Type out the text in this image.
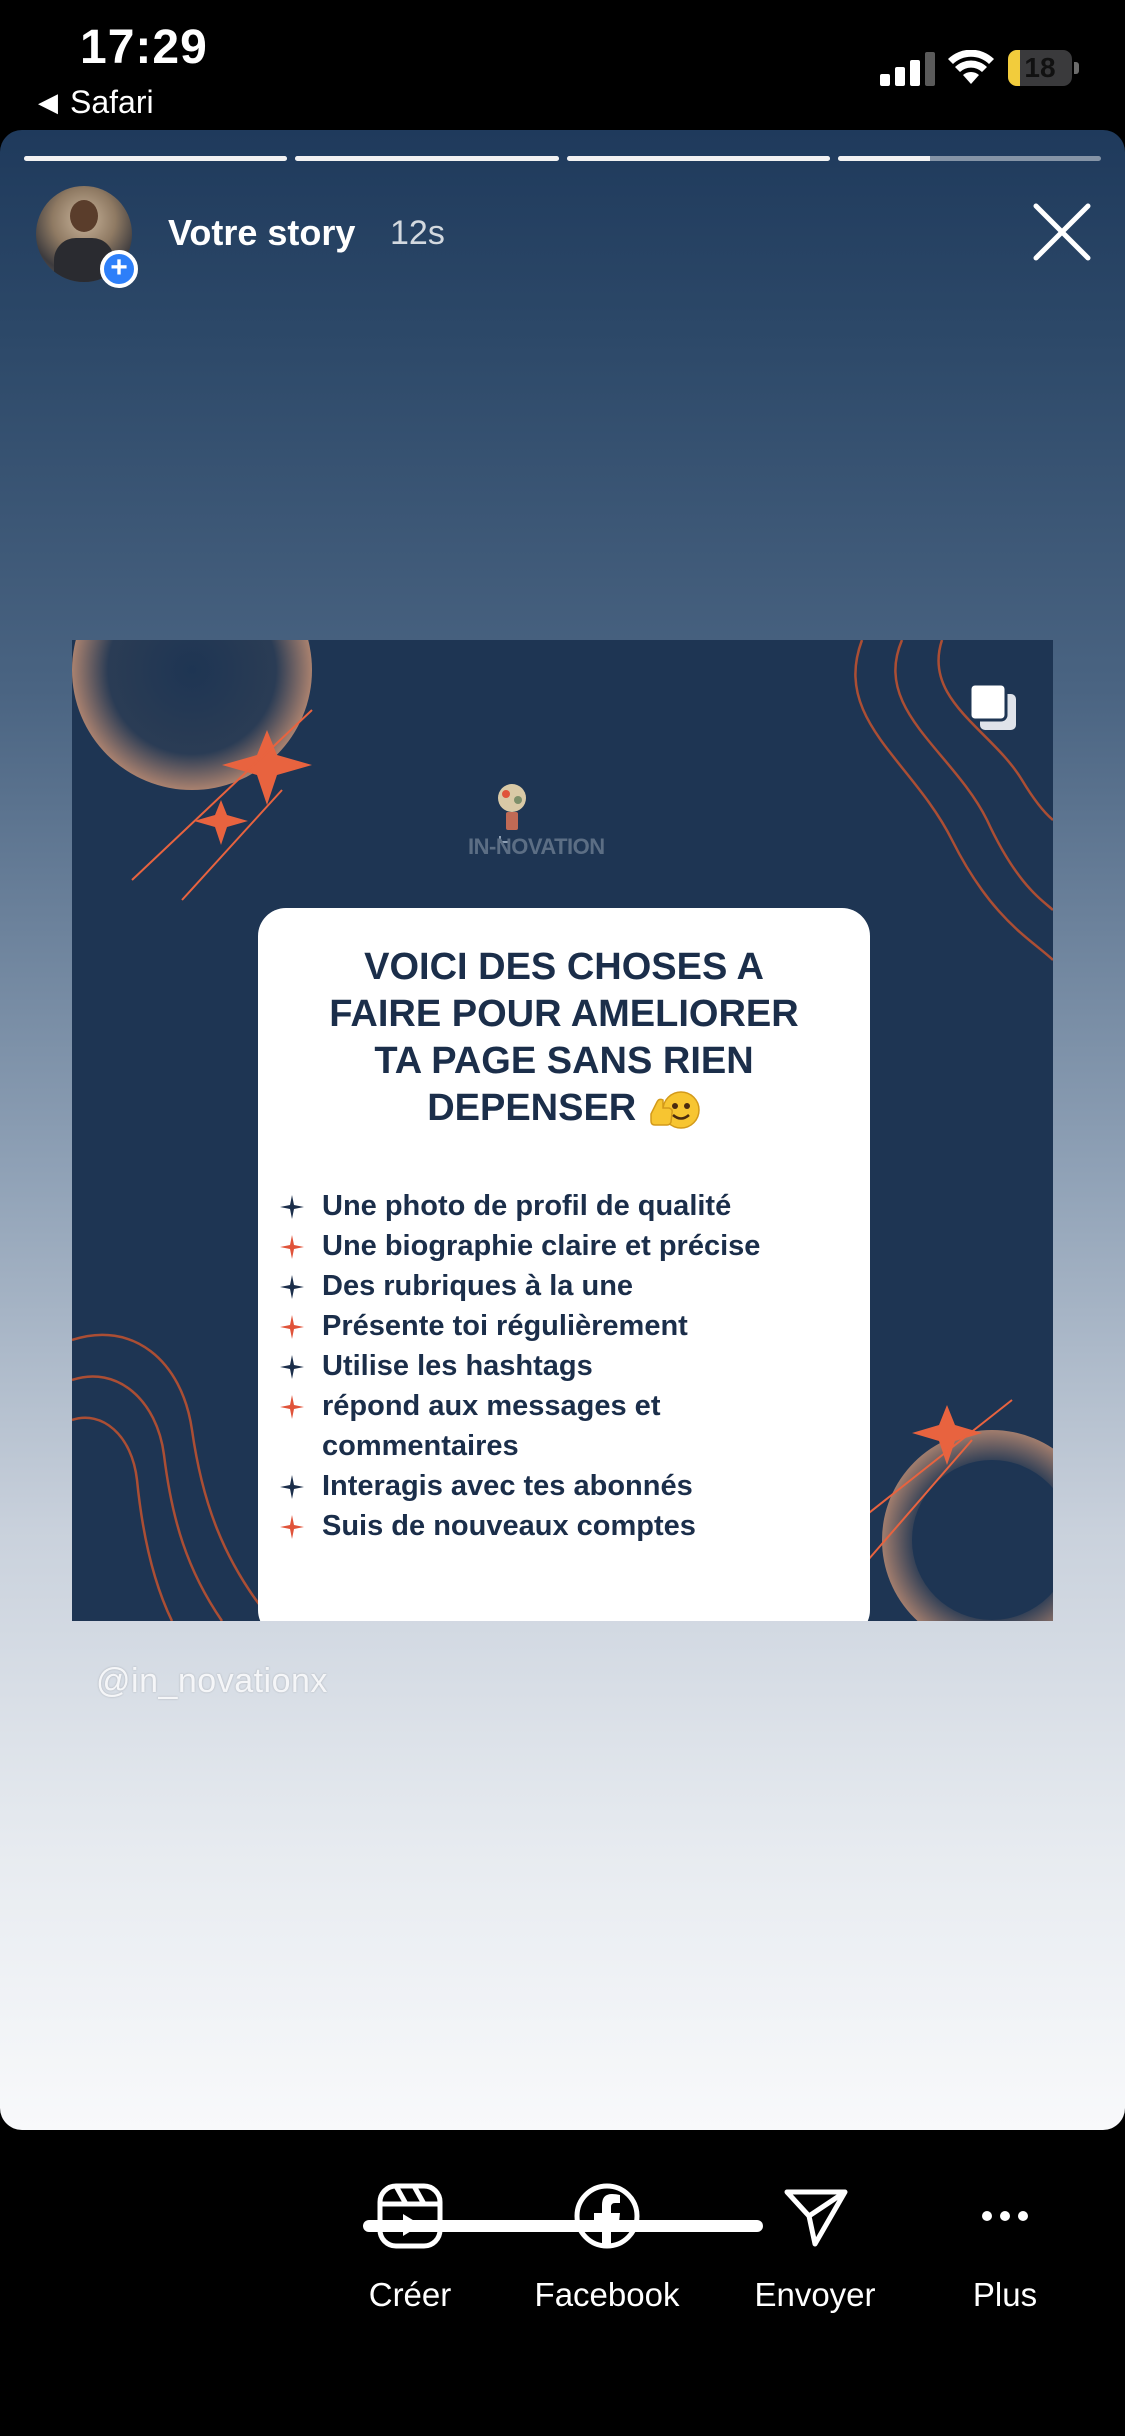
17:29
◀ Safari
18
+
Votre story 12s
IN-NOVATION
VOICI DES CHOSES A
FAIRE POUR AMELIORER
TA PAGE SANS RIEN
DEPENSER
Une photo de profil de qualité
Une biographie claire et précise
Des rubriques à la une
Présente toi régulièrement
Utilise les hashtags
répond aux messages et commentaires
Interagis avec tes abonnés
Suis de nouveaux comptes
@in_novationx
Créer	Facebook	Envoyer	Plus
